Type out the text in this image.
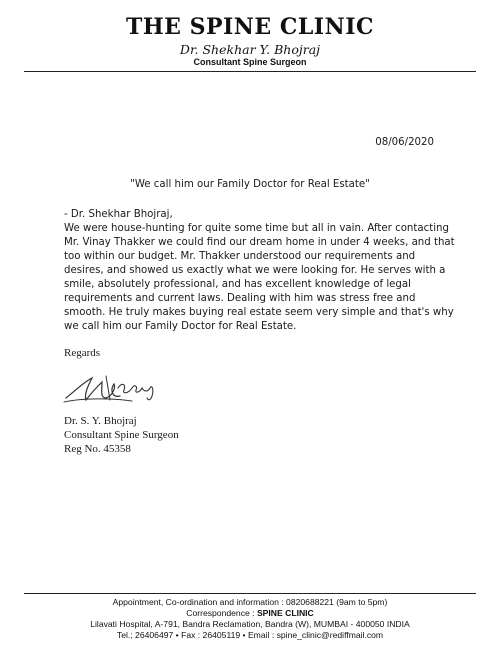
THE SPINE CLINIC
Dr. Shekhar Y. Bhojraj
Consultant Spine Surgeon
08/06/2020
"We call him our Family Doctor for Real Estate"
- Dr. Shekhar Bhojraj,
We were house-hunting for quite some time but all in vain. After contacting
Mr. Vinay Thakker we could find our dream home in under 4 weeks, and that
too within our budget. Mr. Thakker understood our requirements and
desires, and showed us exactly what we were looking for. He serves with a
smile, absolutely professional, and has excellent knowledge of legal
requirements and current laws. Dealing with him was stress free and
smooth. He truly makes buying real estate seem very simple and that's why
we call him our Family Doctor for Real Estate.
Regards
Dr. S. Y. Bhojraj
Consultant Spine Surgeon
Reg No. 45358
Appointment, Co-ordination and information : 0820688221 (9am to 5pm)
Correspondence : SPINE CLINIC
Lilavati Hospital, A-791, Bandra Reclamation, Bandra (W), MUMBAI - 400050 INDIA
Tel.; 26406497 • Fax : 26405119 • Email : spine_clinic@rediffmail.com
